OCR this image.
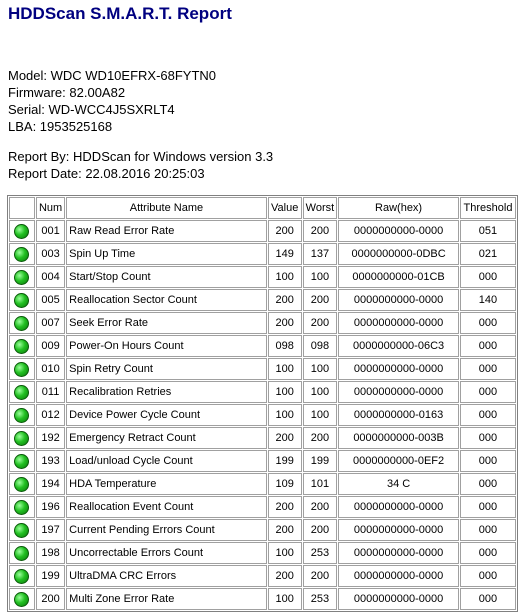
HDDScan S.M.A.R.T. Report
Model: WDC WD10EFRX-68FYTN0
Firmware: 82.00A82
Serial: WD-WCC4J5SXRLT4
LBA: 1953525168
Report By: HDDScan for Windows version 3.3
Report Date: 22.08.2016 20:25:03
	Num	Attribute Name	Value	Worst	Raw(hex)	Threshold
	001	Raw Read Error Rate	200	200	0000000000-0000	051
	003	Spin Up Time	149	137	0000000000-0DBC	021
	004	Start/Stop Count	100	100	0000000000-01CB	000
	005	Reallocation Sector Count	200	200	0000000000-0000	140
	007	Seek Error Rate	200	200	0000000000-0000	000
	009	Power-On Hours Count	098	098	0000000000-06C3	000
	010	Spin Retry Count	100	100	0000000000-0000	000
	011	Recalibration Retries	100	100	0000000000-0000	000
	012	Device Power Cycle Count	100	100	0000000000-0163	000
	192	Emergency Retract Count	200	200	0000000000-003B	000
	193	Load/unload Cycle Count	199	199	0000000000-0EF2	000
	194	HDA Temperature	109	101	34 C	000
	196	Reallocation Event Count	200	200	0000000000-0000	000
	197	Current Pending Errors Count	200	200	0000000000-0000	000
	198	Uncorrectable Errors Count	100	253	0000000000-0000	000
	199	UltraDMA CRC Errors	200	200	0000000000-0000	000
	200	Multi Zone Error Rate	100	253	0000000000-0000	000
